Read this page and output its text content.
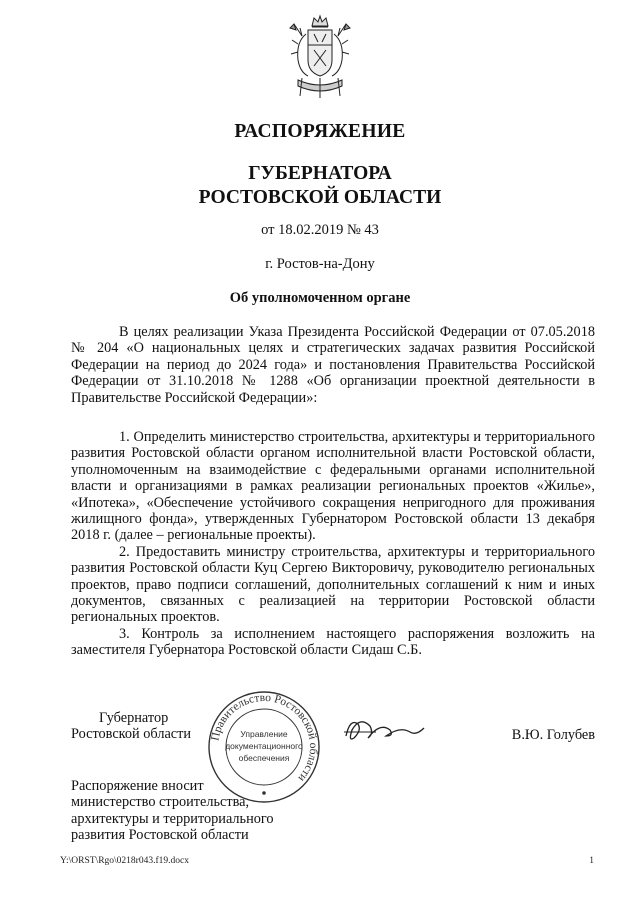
РАСПОРЯЖЕНИЕ
ГУБЕРНАТОРА
РОСТОВСКОЙ ОБЛАСТИ
от 18.02.2019 № 43
г. Ростов-на-Дону
Об уполномоченном органе

В целях реализации Указа Президента Российской Федерации от 07.05.2018 № 204 «О национальных целях и стратегических задачах развития Российской Федерации на период до 2024 года» и постановления Правительства Российской Федерации от 31.10.2018 № 1288 «Об организации проектной деятельности в Правительстве Российской Федерации»:

1. Определить министерство строительства, архитектуры и территориального развития Ростовской области органом исполнительной власти Ростовской области, уполномоченным на взаимодействие с федеральными органами исполнительной власти и организациями в рамках реализации региональных проектов «Жилье», «Ипотека», «Обеспечение устойчивого сокращения непригодного для проживания жилищного фонда», утвержденных Губернатором Ростовской области 13 декабря 2018 г. (далее – региональные проекты).

2. Предоставить министру строительства, архитектуры и территориального развития Ростовской области Куц Сергею Викторовичу, руководителю региональных проектов, право подписи соглашений, дополнительных соглашений к ним и иных документов, связанных с реализацией на территории Ростовской области региональных проектов.

3. Контроль за исполнением настоящего распоряжения возложить на заместителя Губернатора Ростовской области Сидаш С.Б.

Губернатор
Ростовской области Правительство Ростовской области
Управление
документационного
обеспечения
В.Ю. Голубев
Распоряжение вносит
министерство строительства,
архитектуры и территориального
развития Ростовской области
Y:\ORST\Rgo\0218r043.f19.docx	1
